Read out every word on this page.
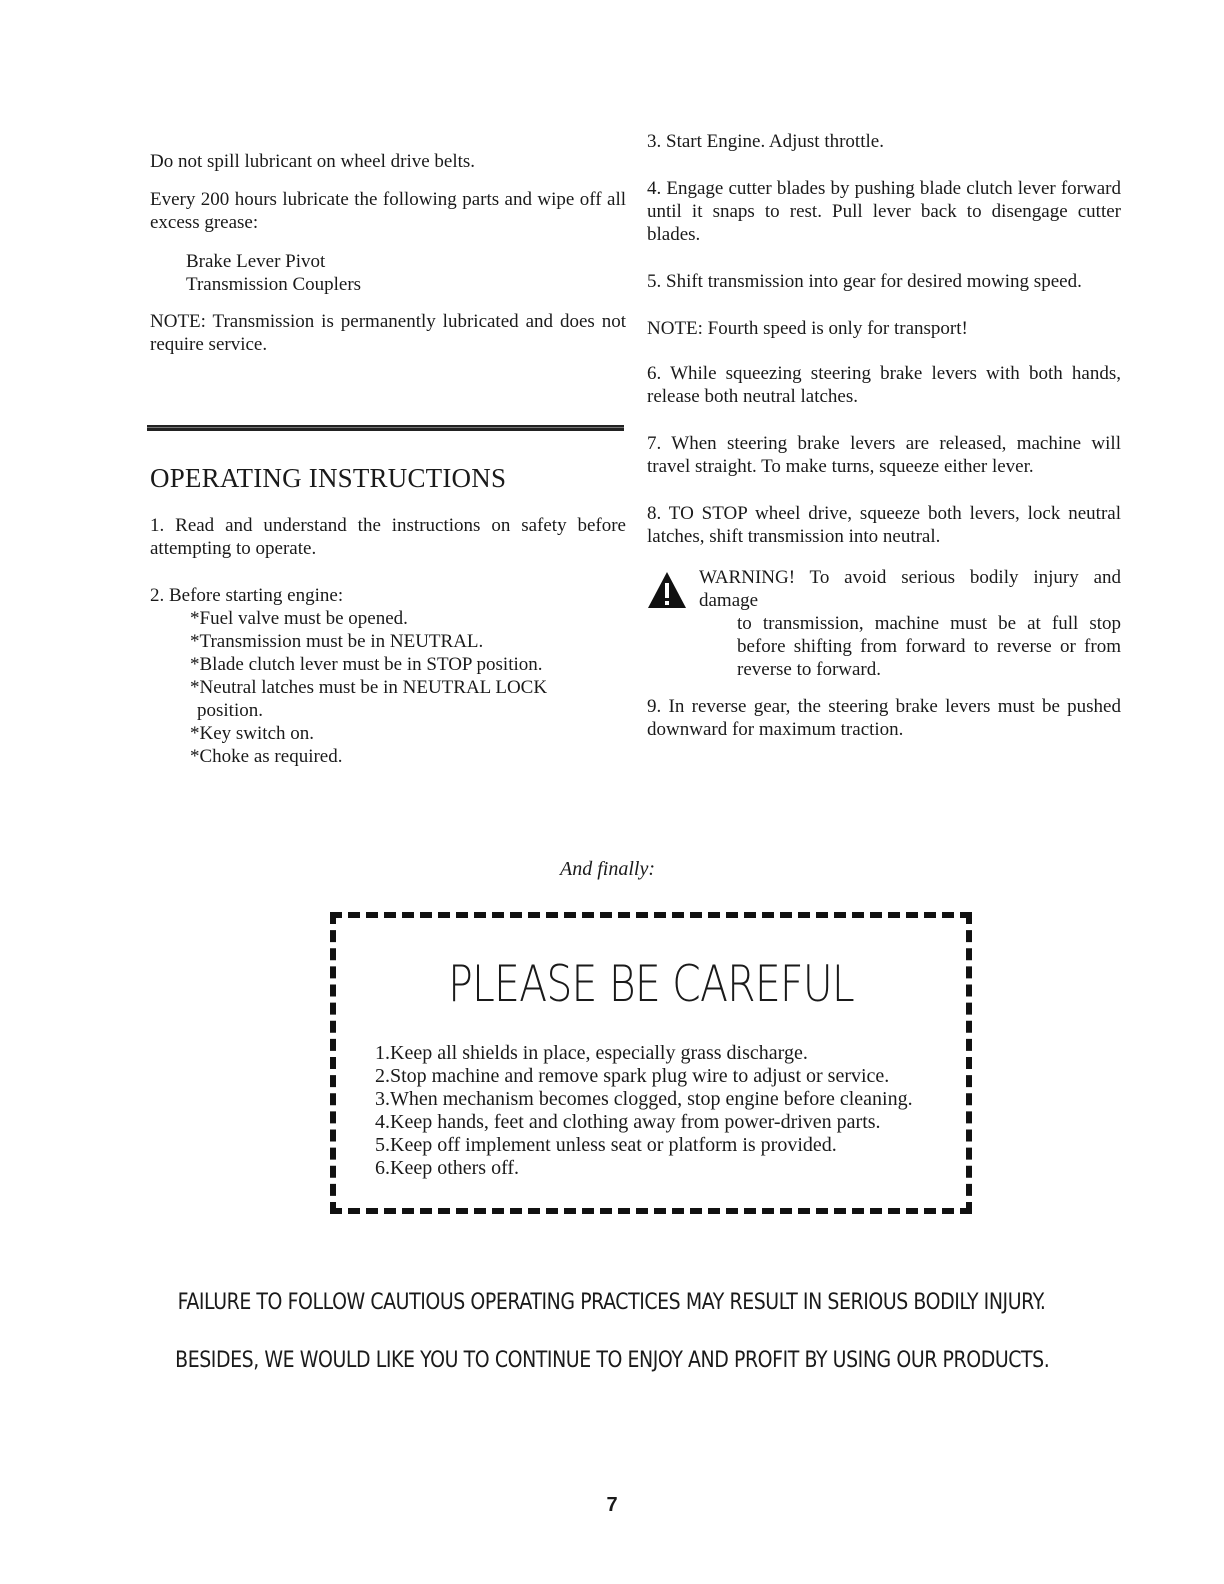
Do not spill lubricant on wheel drive belts.

Every 200 hours lubricate the following parts and wipe off all excess grease:

Brake Lever Pivot

Transmission Couplers

NOTE: Transmission is permanently lubricated and does not require service.

OPERATING INSTRUCTIONS

1. Read and understand the instructions on safety before attempting to operate.

2. Before starting engine:

*Fuel valve must be opened.

*Transmission must be in NEUTRAL.

*Blade clutch lever must be in STOP position.

*Neutral latches must be in NEUTRAL LOCK

position.

*Key switch on.

*Choke as required.

3. Start Engine. Adjust throttle.

4. Engage cutter blades by pushing blade clutch lever forward until it snaps to rest. Pull lever back to disengage cutter blades.

5. Shift transmission into gear for desired mowing speed.

NOTE: Fourth speed is only for transport!

6. While squeezing steering brake levers with both hands, release both neutral latches.

7. When steering brake levers are released, machine will travel straight. To make turns, squeeze either lever.

8. TO STOP wheel drive, squeeze both levers, lock neutral latches, shift transmission into neutral.

WARNING! To avoid serious bodily injury and damage

to transmission, machine must be at full stop before shifting from forward to reverse or from reverse to forward.

9. In reverse gear, the steering brake levers must be pushed downward for maximum traction.

And finally:
PLEASE BE CAREFUL
1.Keep all shields in place, especially grass discharge.
2.Stop machine and remove spark plug wire to adjust or service.
3.When mechanism becomes clogged, stop engine before cleaning.
4.Keep hands, feet and clothing away from power-driven parts.
5.Keep off implement unless seat or platform is provided.
6.Keep others off.
FAILURE TO FOLLOW CAUTIOUS OPERATING PRACTICES MAY RESULT IN SERIOUS BODILY INJURY.
BESIDES, WE WOULD LIKE YOU TO CONTINUE TO ENJOY AND PROFIT BY USING OUR PRODUCTS.
7
